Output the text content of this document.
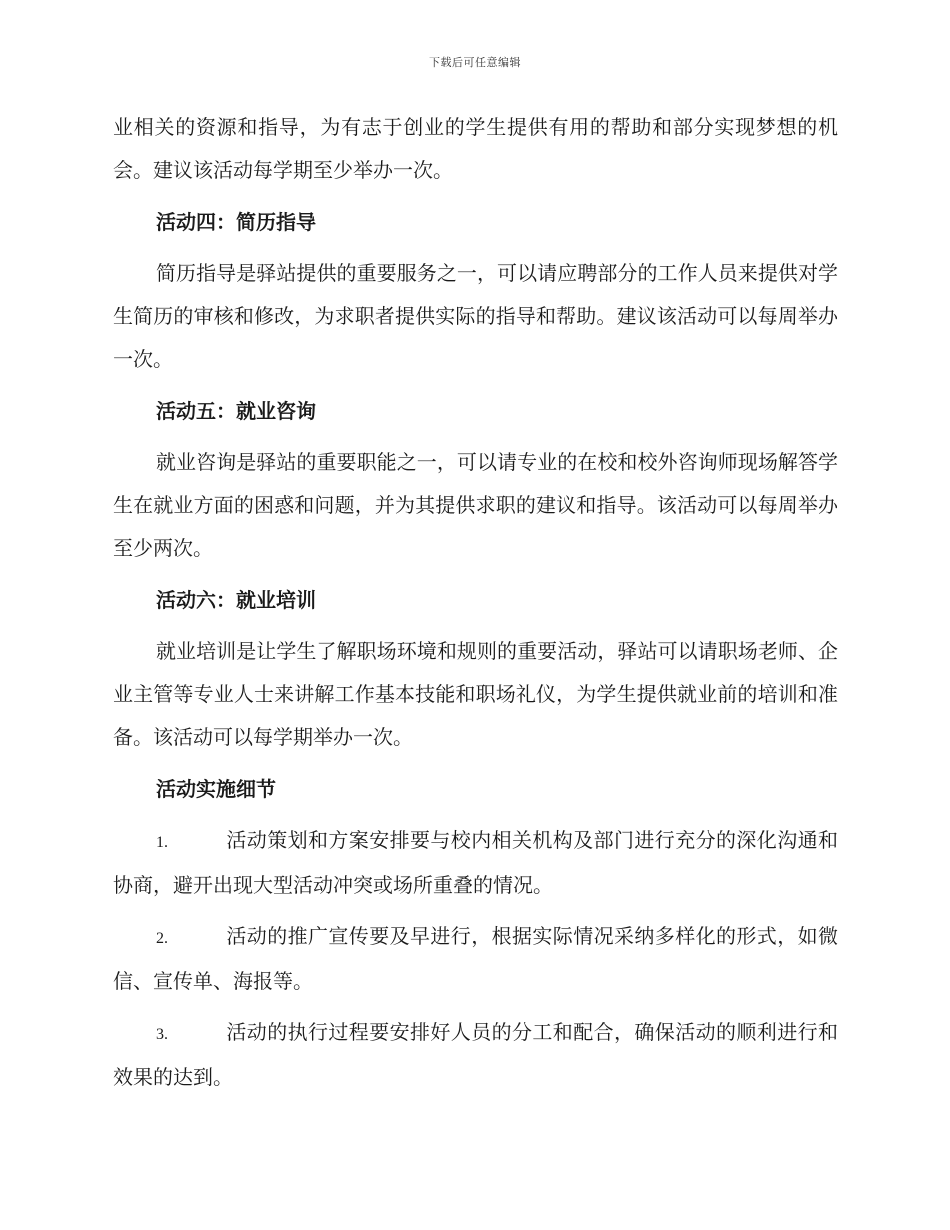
下载后可任意编辑

业相关的资源和指导，为有志于创业的学生提供有用的帮助和部分实现梦想的机会。建议该活动每学期至少举办一次。

活动四：简历指导

简历指导是驿站提供的重要服务之一，可以请应聘部分的工作人员来提供对学生简历的审核和修改，为求职者提供实际的指导和帮助。建议该活动可以每周举办一次。

活动五：就业咨询

就业咨询是驿站的重要职能之一，可以请专业的在校和校外咨询师现场解答学生在就业方面的困惑和问题，并为其提供求职的建议和指导。该活动可以每周举办至少两次。

活动六：就业培训

就业培训是让学生了解职场环境和规则的重要活动，驿站可以请职场老师、企业主管等专业人士来讲解工作基本技能和职场礼仪，为学生提供就业前的培训和准备。该活动可以每学期举办一次。

活动实施细节
1.	活动策划和方案安排要与校内相关机构及部门进行充分的深化沟通和协商，避开出现大型活动冲突或场所重叠的情况。
2.	活动的推广宣传要及早进行，根据实际情况采纳多样化的形式，如微信、宣传单、海报等。
3.	活动的执行过程要安排好人员的分工和配合，确保活动的顺利进行和效果的达到。
